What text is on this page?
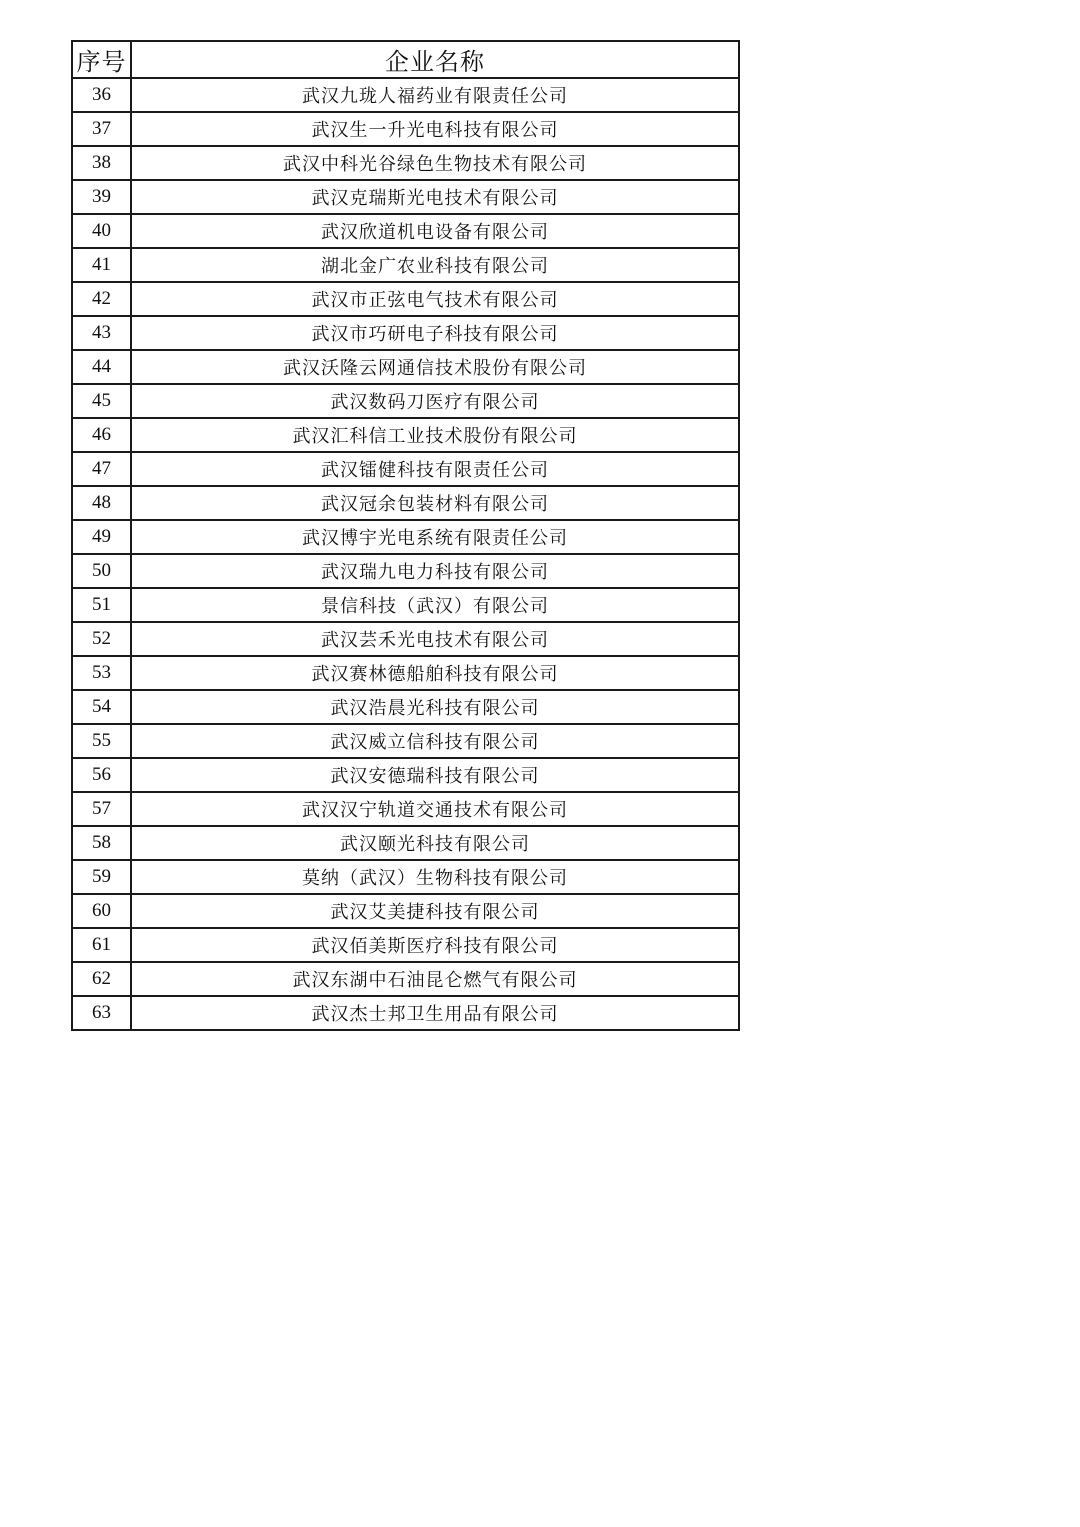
序号	企业名称
36	武汉九珑人福药业有限责任公司
37	武汉生一升光电科技有限公司
38	武汉中科光谷绿色生物技术有限公司
39	武汉克瑞斯光电技术有限公司
40	武汉欣道机电设备有限公司
41	湖北金广农业科技有限公司
42	武汉市正弦电气技术有限公司
43	武汉市巧研电子科技有限公司
44	武汉沃隆云网通信技术股份有限公司
45	武汉数码刀医疗有限公司
46	武汉汇科信工业技术股份有限公司
47	武汉镭健科技有限责任公司
48	武汉冠余包装材料有限公司
49	武汉博宇光电系统有限责任公司
50	武汉瑞九电力科技有限公司
51	景信科技（武汉）有限公司
52	武汉芸禾光电技术有限公司
53	武汉赛林德船舶科技有限公司
54	武汉浩晨光科技有限公司
55	武汉威立信科技有限公司
56	武汉安德瑞科技有限公司
57	武汉汉宁轨道交通技术有限公司
58	武汉颐光科技有限公司
59	莫纳（武汉）生物科技有限公司
60	武汉艾美捷科技有限公司
61	武汉佰美斯医疗科技有限公司
62	武汉东湖中石油昆仑燃气有限公司
63	武汉杰士邦卫生用品有限公司
